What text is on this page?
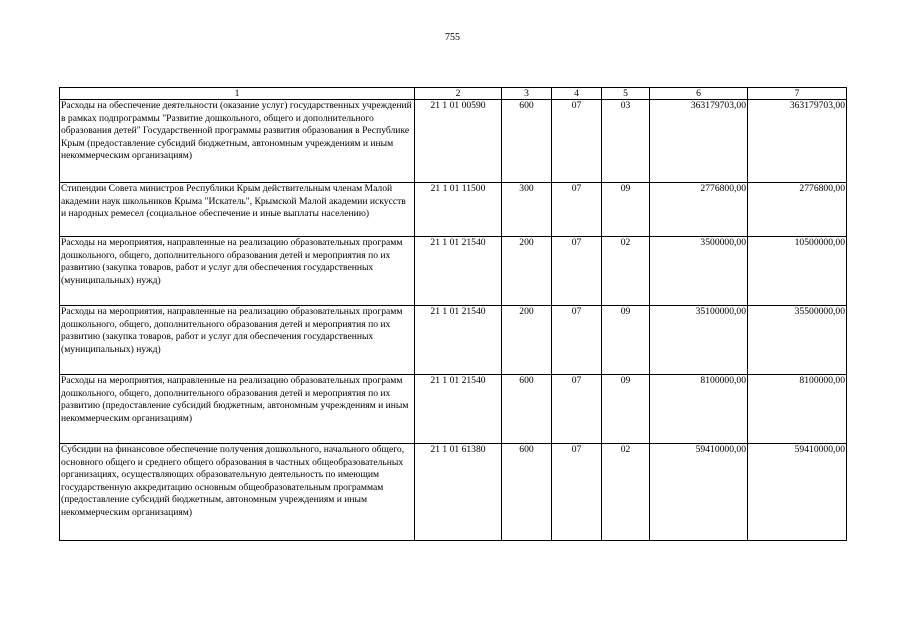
755
1	2	3	4	5	6	7
Расходы на обеспечение деятельности (оказание услуг) государственных учреждений в рамках подпрограммы "Развитие дошкольного, общего и дополнительного образования детей" Государственной программы развития образования в Республике Крым (предоставление субсидий бюджетным, автономным учреждениям и иным некоммерческим организациям)	21 1 01 00590	600	07	03	363179703,00	363179703,00
Стипендии Совета министров Республики Крым действительным членам Малой академии наук школьников Крыма "Искатель", Крымской Малой академии искусств и народных ремесел (социальное обеспечение и иные выплаты населению)	21 1 01 11500	300	07	09	2776800,00	2776800,00
Расходы на мероприятия, направленные на реализацию образовательных программ дошкольного, общего, дополнительного образования детей и мероприятия по их развитию (закупка товаров, работ и услуг для обеспечения государственных (муниципальных) нужд)	21 1 01 21540	200	07	02	3500000,00	10500000,00
Расходы на мероприятия, направленные на реализацию образовательных программ дошкольного, общего, дополнительного образования детей и мероприятия по их развитию (закупка товаров, работ и услуг для обеспечения государственных (муниципальных) нужд)	21 1 01 21540	200	07	09	35100000,00	35500000,00
Расходы на мероприятия, направленные на реализацию образовательных программ дошкольного, общего, дополнительного образования детей и мероприятия по их развитию (предоставление субсидий бюджетным, автономным учреждениям и иным некоммерческим организациям)	21 1 01 21540	600	07	09	8100000,00	8100000,00
Субсидии на финансовое обеспечение получения дошкольного, начального общего, основного общего и среднего общего образования в частных общеобразовательных организациях, осуществляющих образовательную деятельность по имеющим государственную аккредитацию основным общеобразовательным программам (предоставление субсидий бюджетным, автономным учреждениям и иным некоммерческим организациям)	21 1 01 61380	600	07	02	59410000,00	59410000,00
